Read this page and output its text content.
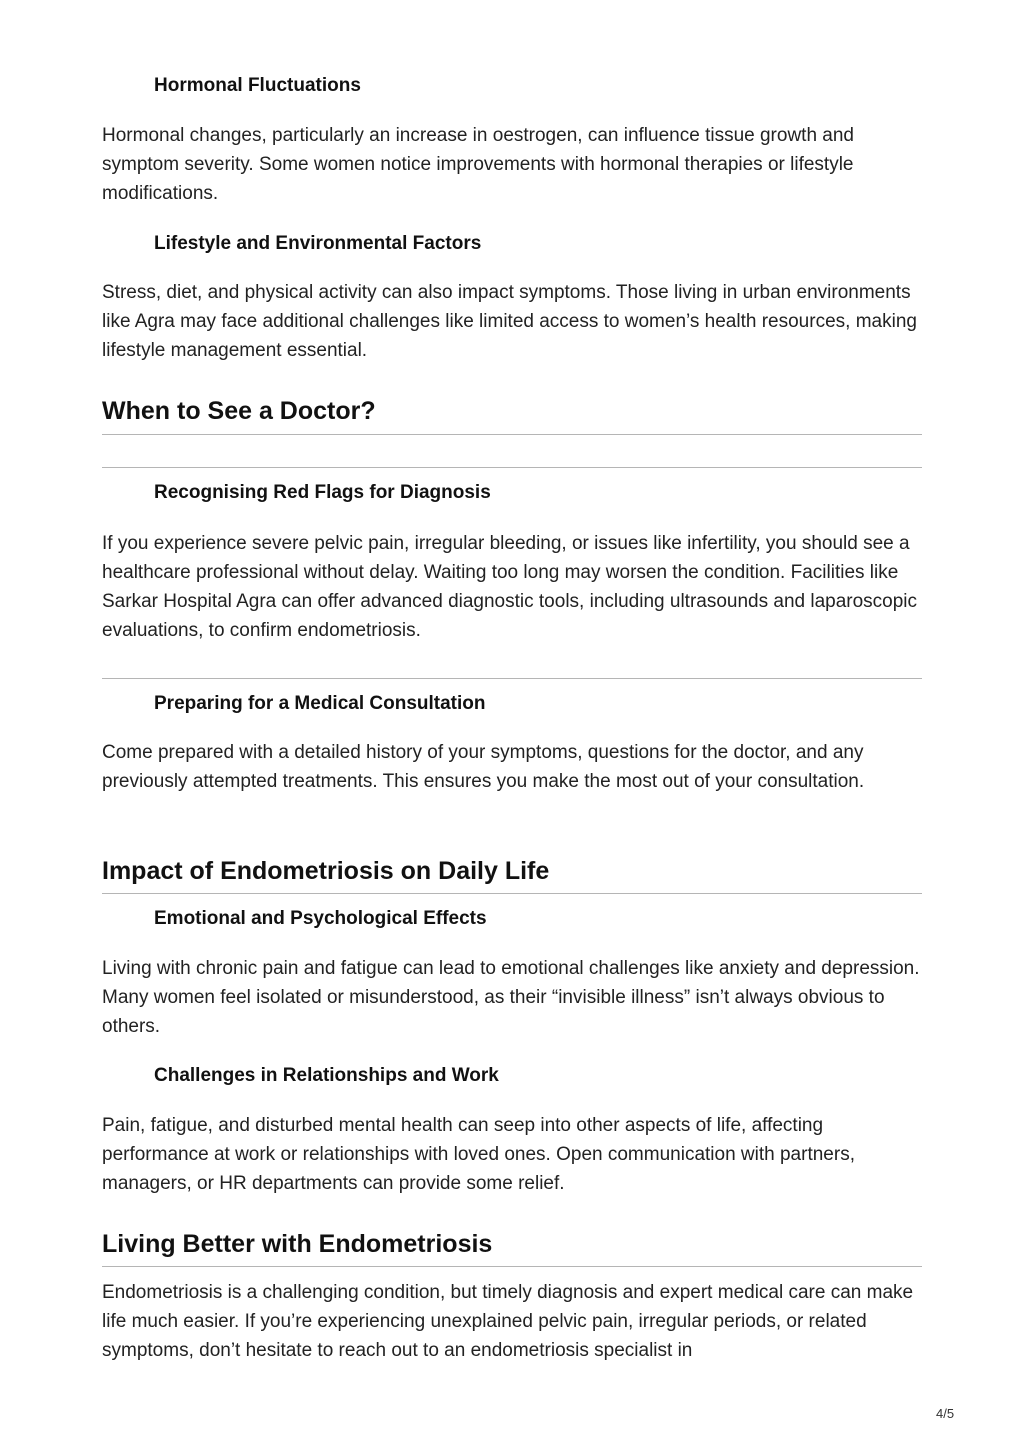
Hormonal Fluctuations

Hormonal changes, particularly an increase in oestrogen, can influence tissue growth and symptom severity. Some women notice improvements with hormonal therapies or lifestyle modifications.

Lifestyle and Environmental Factors

Stress, diet, and physical activity can also impact symptoms. Those living in urban environments like Agra may face additional challenges like limited access to women’s health resources, making lifestyle management essential.

When to See a Doctor?
Recognising Red Flags for Diagnosis

If you experience severe pelvic pain, irregular bleeding, or issues like infertility, you should see a healthcare professional without delay. Waiting too long may worsen the condition. Facilities like Sarkar Hospital Agra can offer advanced diagnostic tools, including ultrasounds and laparoscopic evaluations, to confirm endometriosis.

Preparing for a Medical Consultation

Come prepared with a detailed history of your symptoms, questions for the doctor, and any previously attempted treatments. This ensures you make the most out of your consultation.

Impact of Endometriosis on Daily Life
Emotional and Psychological Effects

Living with chronic pain and fatigue can lead to emotional challenges like anxiety and depression. Many women feel isolated or misunderstood, as their “invisible illness” isn’t always obvious to others.

Challenges in Relationships and Work

Pain, fatigue, and disturbed mental health can seep into other aspects of life, affecting performance at work or relationships with loved ones. Open communication with partners, managers, or HR departments can provide some relief.

Living Better with Endometriosis

Endometriosis is a challenging condition, but timely diagnosis and expert medical care can make life much easier. If you’re experiencing unexplained pelvic pain, irregular periods, or related symptoms, don’t hesitate to reach out to an endometriosis specialist in

4/5
